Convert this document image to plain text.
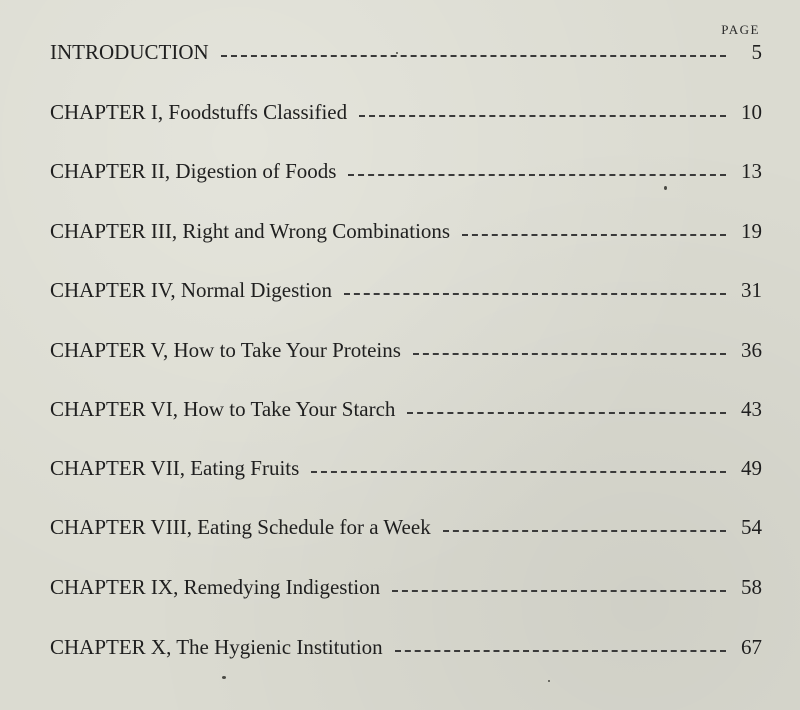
PAGE
INTRODUCTION	5
CHAPTER I, Foodstuffs Classified	10
CHAPTER II, Digestion of Foods	13
CHAPTER III, Right and Wrong Combinations	19
CHAPTER IV, Normal Digestion	31
CHAPTER V, How to Take Your Proteins	36
CHAPTER VI, How to Take Your Starch	43
CHAPTER VII, Eating Fruits	49
CHAPTER VIII, Eating Schedule for a Week	54
CHAPTER IX, Remedying Indigestion	58
CHAPTER X, The Hygienic Institution	67
